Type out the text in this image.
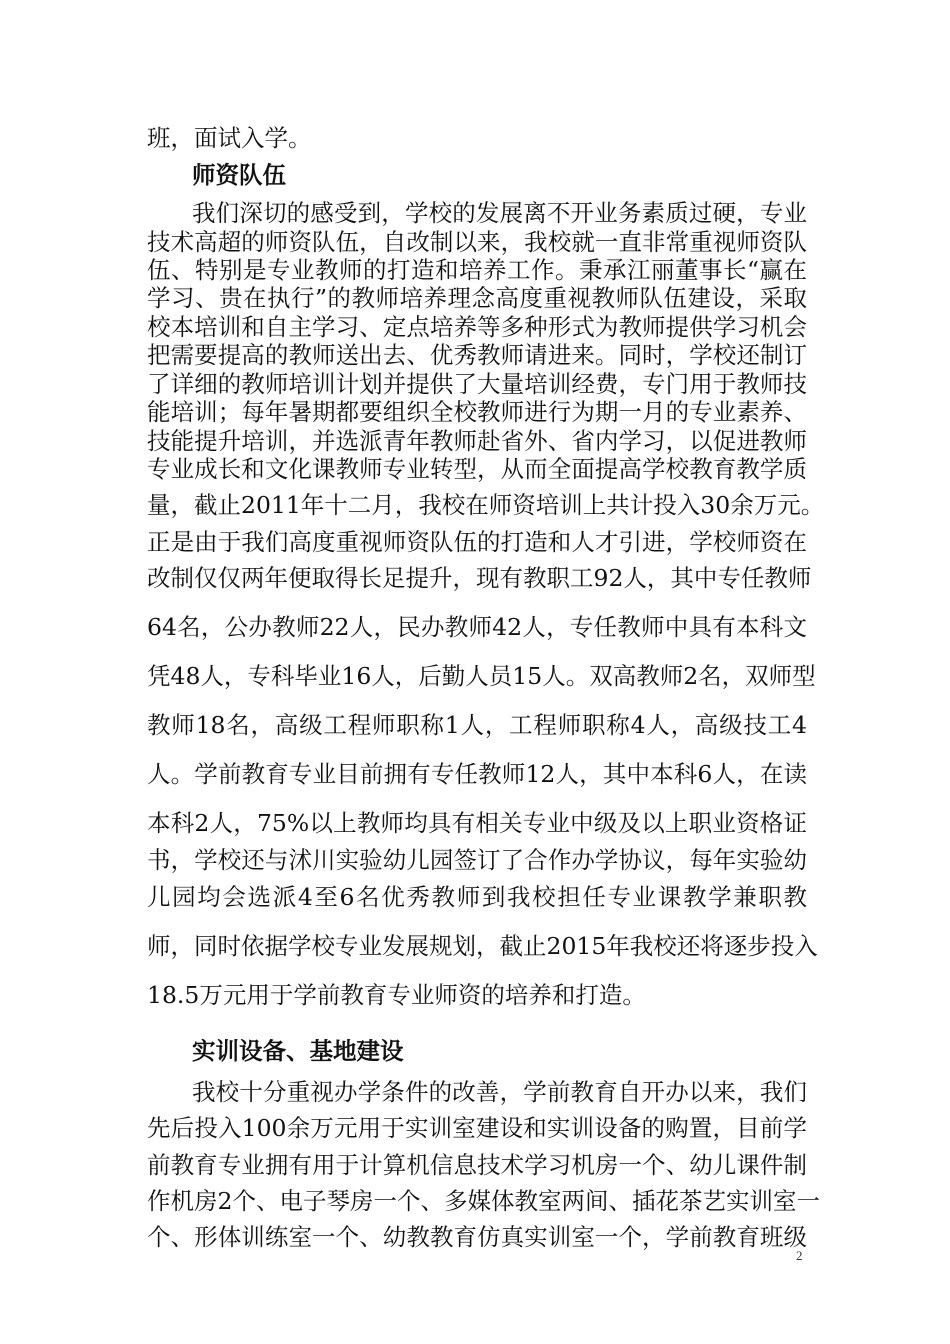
班，面试入学。
师资队伍
我们深切的感受到，学校的发展离不开业务素质过硬，专业
技术高超的师资队伍，自改制以来，我校就一直非常重视师资队
伍、特别是专业教师的打造和培养工作。秉承江丽董事长“赢在
学习、贵在执行”的教师培养理念高度重视教师队伍建设，采取
校本培训和自主学习、定点培养等多种形式为教师提供学习机会
把需要提高的教师送出去、优秀教师请进来。同时，学校还制订
了详细的教师培训计划并提供了大量培训经费，专门用于教师技
能培训；每年暑期都要组织全校教师进行为期一月的专业素养、
技能提升培训，并选派青年教师赴省外、省内学习，以促进教师
专业成长和文化课教师专业转型，从而全面提高学校教育教学质
量，截止2011年十二月，我校在师资培训上共计投入30余万元。
正是由于我们高度重视师资队伍的打造和人才引进，学校师资在
改制仅仅两年便取得长足提升，现有教职工92人，其中专任教师
64名，公办教师22人，民办教师42人，专任教师中具有本科文
凭48人，专科毕业16人，后勤人员15人。双高教师2名，双师型
教师18名，高级工程师职称1人，工程师职称4人，高级技工4
人。学前教育专业目前拥有专任教师12人，其中本科6人，在读
本科2人，75%以上教师均具有相关专业中级及以上职业资格证
书，学校还与沭川实验幼儿园签订了合作办学协议，每年实验幼
儿园均会选派4至6名优秀教师到我校担任专业课教学兼职教
师，同时依据学校专业发展规划，截止2015年我校还将逐步投入
18.5万元用于学前教育专业师资的培养和打造。
实训设备、基地建设
我校十分重视办学条件的改善，学前教育自开办以来，我们
先后投入100余万元用于实训室建设和实训设备的购置，目前学
前教育专业拥有用于计算机信息技术学习机房一个、幼儿课件制
作机房2个、电子琴房一个、多媒体教室两间、插花茶艺实训室一
个、形体训练室一个、幼教教育仿真实训室一个，学前教育班级
2
